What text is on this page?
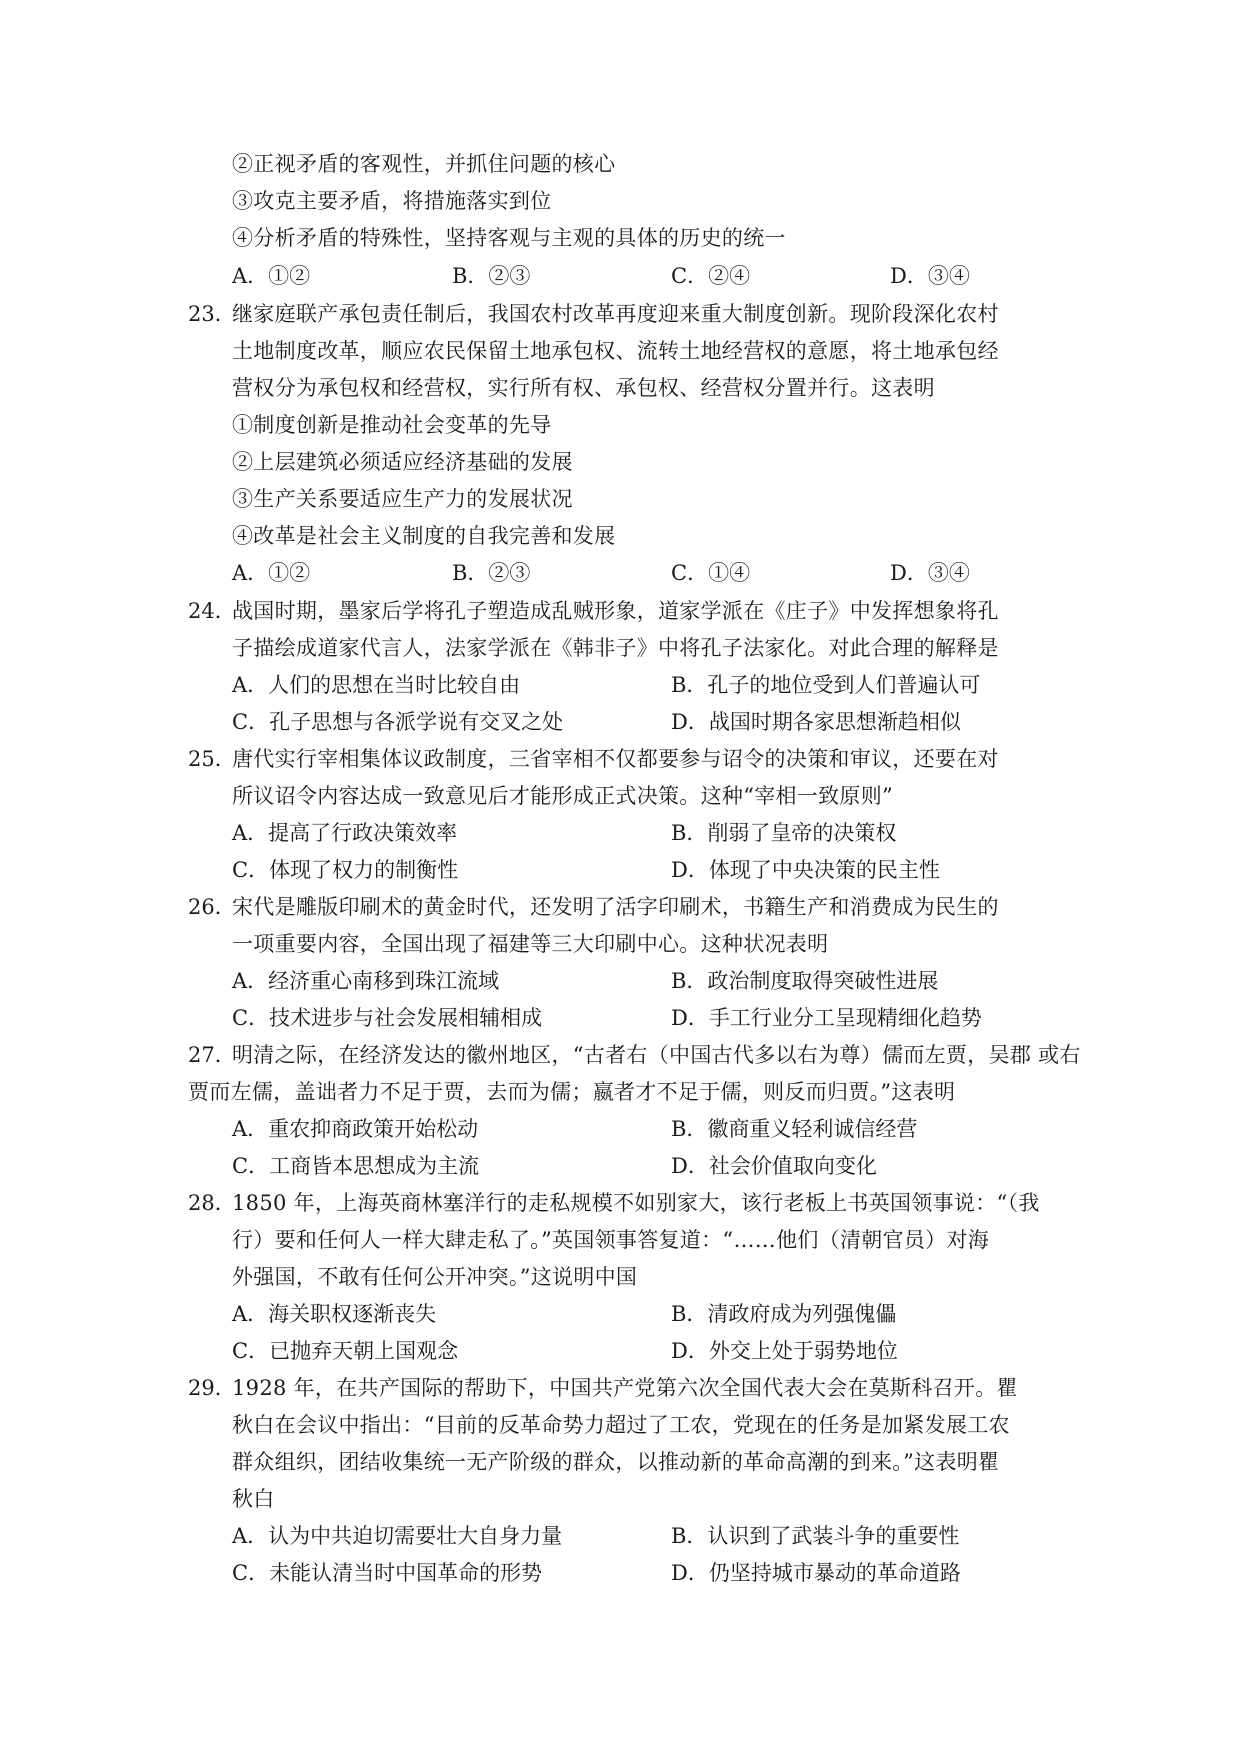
②正视矛盾的客观性，并抓住问题的核心
③攻克主要矛盾，将措施落实到位
④分析矛盾的特殊性，坚持客观与主观的具体的历史的统一
A．①②	B．②③	C．②④	D．③④
23．
继家庭联产承包责任制后，我国农村改革再度迎来重大制度创新。现阶段深化农村
土地制度改革，顺应农民保留土地承包权、流转土地经营权的意愿，将土地承包经
营权分为承包权和经营权，实行所有权、承包权、经营权分置并行。这表明
①制度创新是推动社会变革的先导
②上层建筑必须适应经济基础的发展
③生产关系要适应生产力的发展状况
④改革是社会主义制度的自我完善和发展
A．①②	B．②③	C．①④	D．③④
24．
战国时期，墨家后学将孔子塑造成乱贼形象，道家学派在《庄子》中发挥想象将孔
子描绘成道家代言人，法家学派在《韩非子》中将孔子法家化。对此合理的解释是
A．人们的思想在当时比较自由	B．孔子的地位受到人们普遍认可
C．孔子思想与各派学说有交叉之处	D．战国时期各家思想渐趋相似
25．
唐代实行宰相集体议政制度，三省宰相不仅都要参与诏令的决策和审议，还要在对
所议诏令内容达成一致意见后才能形成正式决策。这种“宰相一致原则”
A．提高了行政决策效率	B．削弱了皇帝的决策权
C．体现了权力的制衡性	D．体现了中央决策的民主性
26．
宋代是雕版印刷术的黄金时代，还发明了活字印刷术，书籍生产和消费成为民生的
一项重要内容，全国出现了福建等三大印刷中心。这种状况表明
A．经济重心南移到珠江流域	B．政治制度取得突破性进展
C．技术进步与社会发展相辅相成	D．手工行业分工呈现精细化趋势
27．
明清之际，在经济发达的徽州地区，“古者右（中国古代多以右为尊）儒而左贾，吴郡 或右
贾而左儒，盖诎者力不足于贾，去而为儒；嬴者才不足于儒，则反而归贾。”这表明
A．重农抑商政策开始松动	B．徽商重义轻利诚信经营
C．工商皆本思想成为主流	D．社会价值取向变化
28．
1850 年，上海英商林塞洋行的走私规模不如别家大，该行老板上书英国领事说：“（我
行）要和任何人一样大肆走私了。”英国领事答复道：“……他们（清朝官员）对海
外强国，不敢有任何公开冲突。”这说明中国
A．海关职权逐渐丧失	B．清政府成为列强傀儡
C．已抛弃天朝上国观念	D．外交上处于弱势地位
29．
1928 年，在共产国际的帮助下，中国共产党第六次全国代表大会在莫斯科召开。瞿
秋白在会议中指出：“目前的反革命势力超过了工农，党现在的任务是加紧发展工农
群众组织，团结收集统一无产阶级的群众，以推动新的革命高潮的到来。”这表明瞿
秋白
A．认为中共迫切需要壮大自身力量	B．认识到了武装斗争的重要性
C．未能认清当时中国革命的形势	D．仍坚持城市暴动的革命道路
